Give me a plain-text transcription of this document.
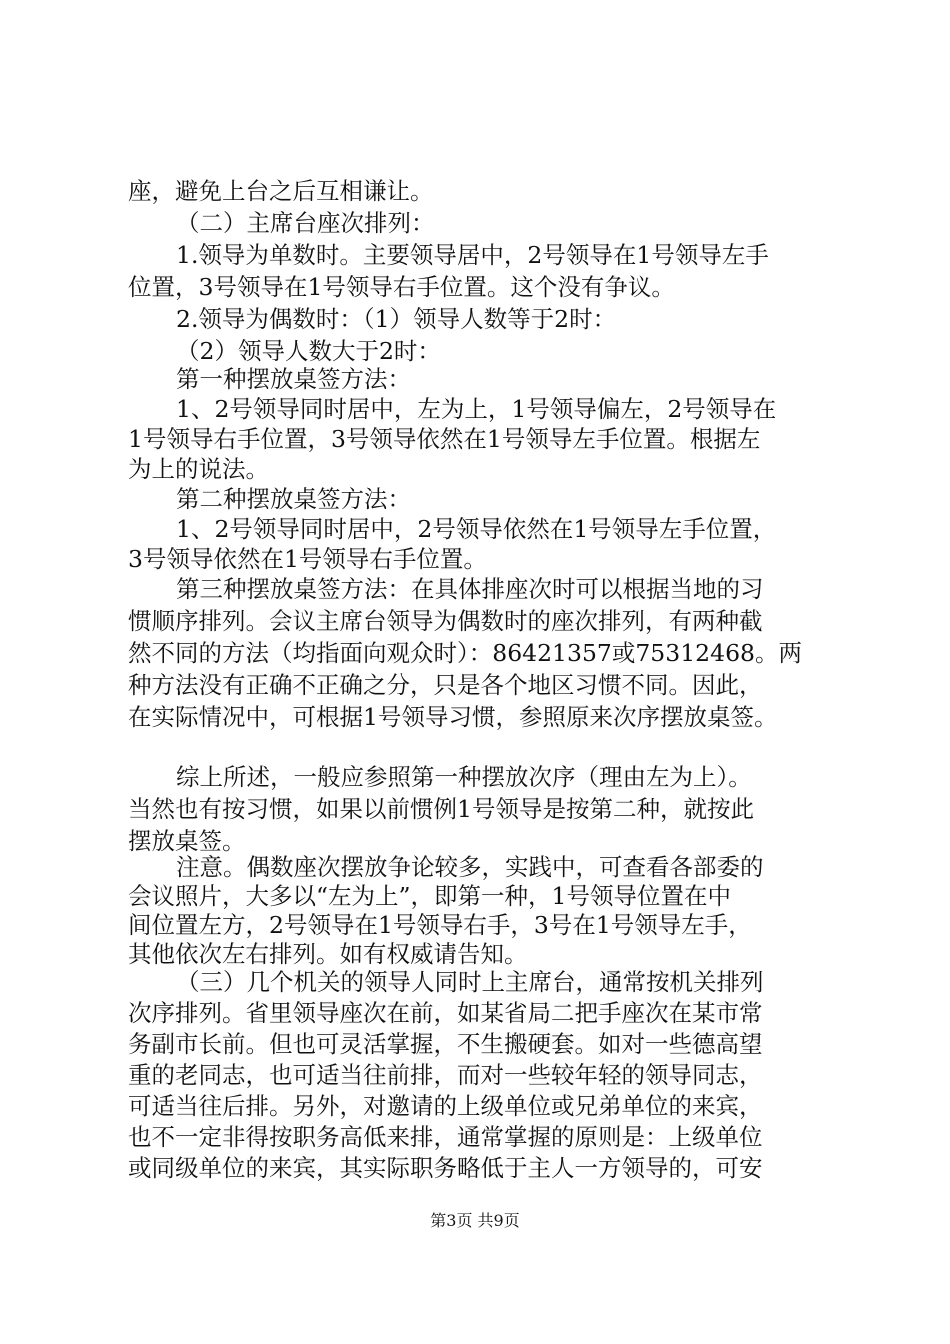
座，避免上台之后互相谦让。
（二）主席台座次排列：
1.领导为单数时。主要领导居中，2号领导在1号领导左手
位置，3号领导在1号领导右手位置。这个没有争议。
2.领导为偶数时：（1）领导人数等于2时：
（2）领导人数大于2时：
第一种摆放桌签方法：
1、2号领导同时居中，左为上，1号领导偏左，2号领导在
1号领导右手位置，3号领导依然在1号领导左手位置。根据左
为上的说法。
第二种摆放桌签方法：
1、2号领导同时居中，2号领导依然在1号领导左手位置，
3号领导依然在1号领导右手位置。
第三种摆放桌签方法：在具体排座次时可以根据当地的习
惯顺序排列。会议主席台领导为偶数时的座次排列，有两种截
然不同的方法（均指面向观众时）：86421357或75312468。两
种方法没有正确不正确之分，只是各个地区习惯不同。因此，
在实际情况中，可根据1号领导习惯，参照原来次序摆放桌签。
综上所述，一般应参照第一种摆放次序（理由左为上）。
当然也有按习惯，如果以前惯例1号领导是按第二种，就按此
摆放桌签。
注意。偶数座次摆放争论较多，实践中，可查看各部委的
会议照片，大多以“左为上”，即第一种，1号领导位置在中
间位置左方，2号领导在1号领导右手，3号在1号领导左手，
其他依次左右排列。如有权威请告知。
（三）几个机关的领导人同时上主席台，通常按机关排列
次序排列。省里领导座次在前，如某省局二把手座次在某市常
务副市长前。但也可灵活掌握，不生搬硬套。如对一些德高望
重的老同志，也可适当往前排，而对一些较年轻的领导同志，
可适当往后排。另外，对邀请的上级单位或兄弟单位的来宾，
也不一定非得按职务高低来排，通常掌握的原则是：上级单位
或同级单位的来宾，其实际职务略低于主人一方领导的，可安
第3页 共9页
